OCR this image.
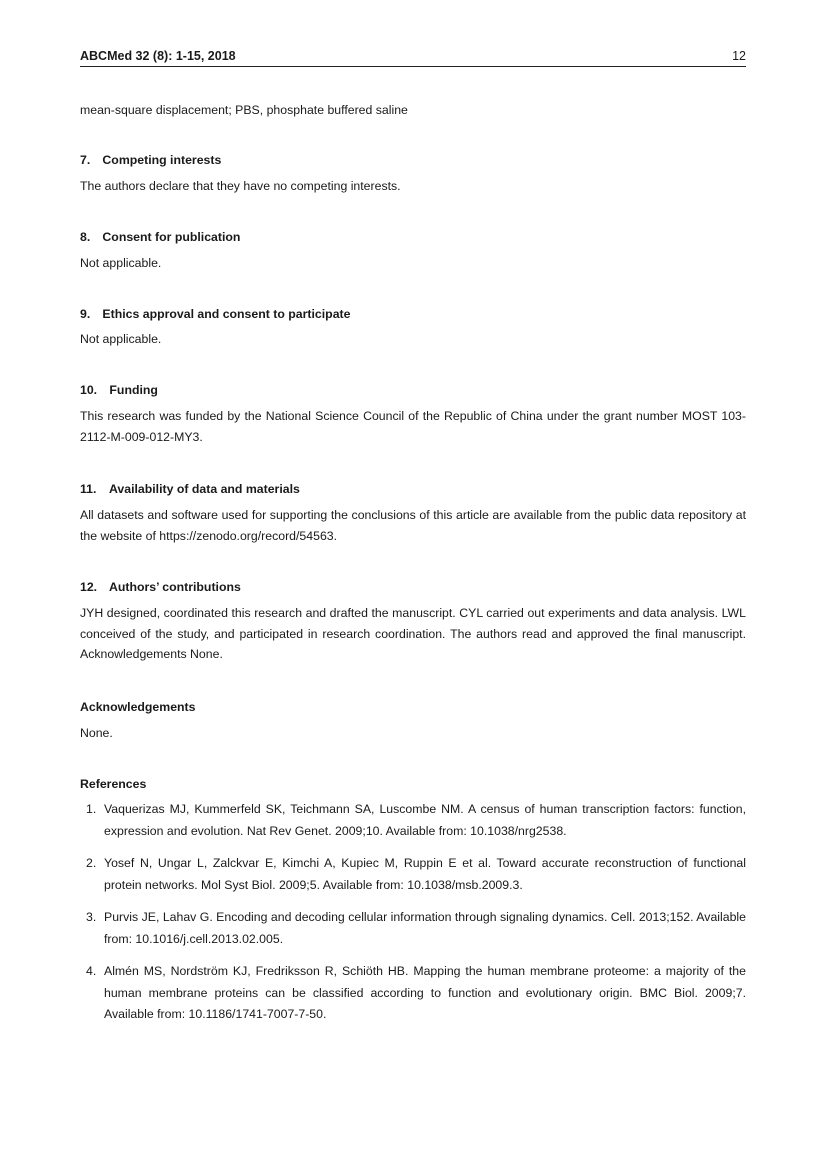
ABCMed 32 (8): 1-15, 2018	12
mean-square displacement; PBS, phosphate buffered saline
7. Competing interests
The authors declare that they have no competing interests.
8. Consent for publication
Not applicable.
9. Ethics approval and consent to participate
Not applicable.
10. Funding
This research was funded by the National Science Council of the Republic of China under the grant number MOST 103-2112-M-009-012-MY3.
11. Availability of data and materials
All datasets and software used for supporting the conclusions of this article are available from the public data repository at the website of https://zenodo.org/record/54563.
12. Authors’ contributions
JYH designed, coordinated this research and drafted the manuscript. CYL carried out experiments and data analysis. LWL conceived of the study, and participated in research coordination. The authors read and approved the final manuscript. Acknowledgements None.
Acknowledgements
None.
References
1. Vaquerizas MJ, Kummerfeld SK, Teichmann SA, Luscombe NM. A census of human transcription factors: function, expression and evolution. Nat Rev Genet. 2009;10. Available from: 10.1038/nrg2538.
2. Yosef N, Ungar L, Zalckvar E, Kimchi A, Kupiec M, Ruppin E et al. Toward accurate reconstruction of functional protein networks. Mol Syst Biol. 2009;5. Available from: 10.1038/msb.2009.3.
3. Purvis JE, Lahav G. Encoding and decoding cellular information through signaling dynamics. Cell. 2013;152. Available from: 10.1016/j.cell.2013.02.005.
4. Almén MS, Nordström KJ, Fredriksson R, Schiöth HB. Mapping the human membrane proteome: a majority of the human membrane proteins can be classified according to function and evolutionary origin. BMC Biol. 2009;7. Available from: 10.1186/1741-7007-7-50.
